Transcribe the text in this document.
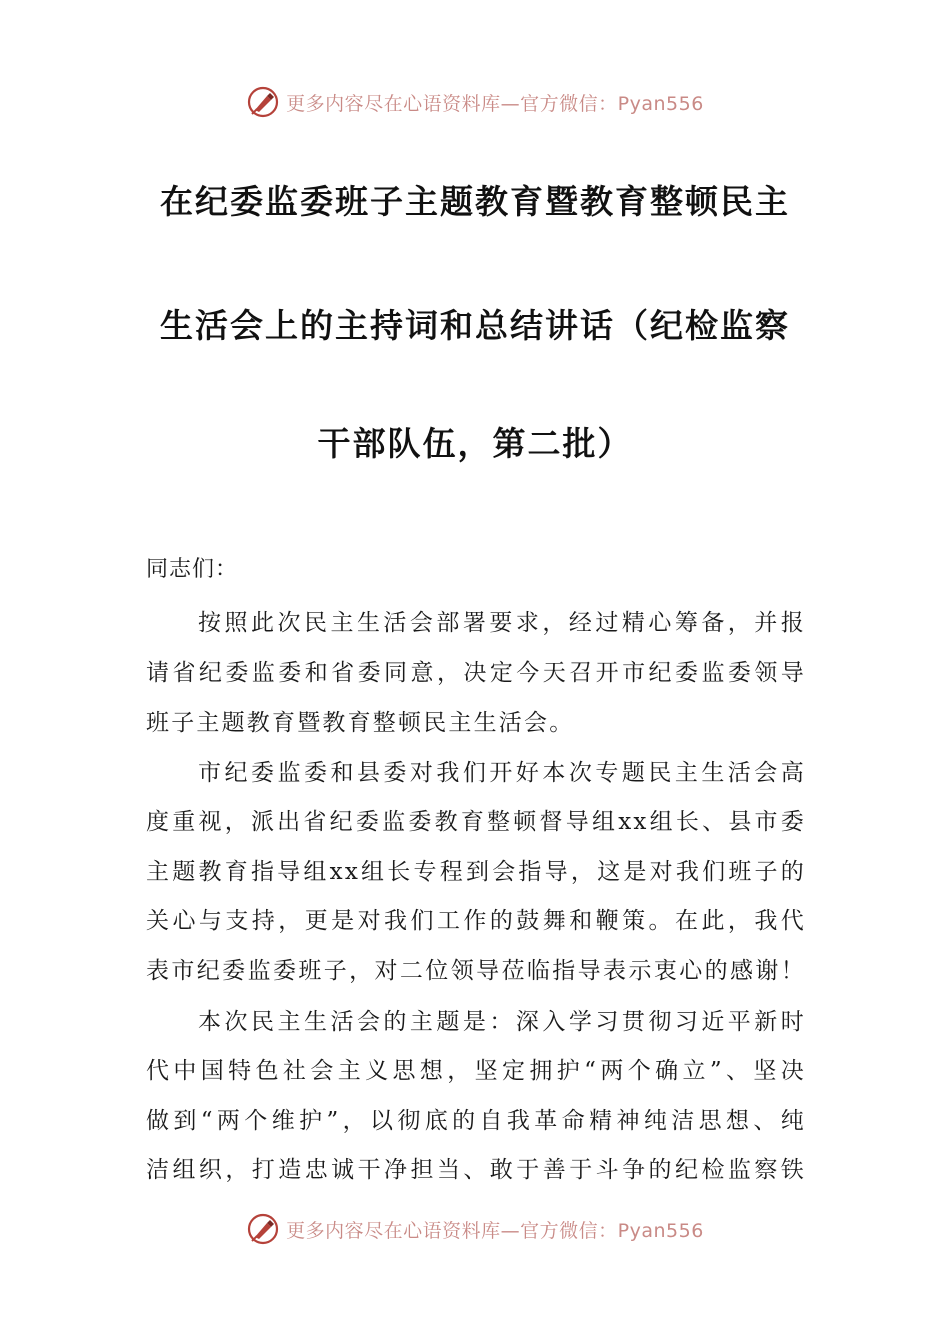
更多内容尽在心语资料库—官方微信：Pyan556
在纪委监委班子主题教育暨教育整顿民主
生活会上的主持词和总结讲话（纪检监察
干部队伍，第二批）
同志们：
按照此次民主生活会部署要求，经过精心筹备，并报
请省纪委监委和省委同意，决定今天召开市纪委监委领导
班子主题教育暨教育整顿民主生活会。
市纪委监委和县委对我们开好本次专题民主生活会高
度重视，派出省纪委监委教育整顿督导组xx组长、县市委
主题教育指导组xx组长专程到会指导，这是对我们班子的
关心与支持，更是对我们工作的鼓舞和鞭策。在此，我代
表市纪委监委班子，对二位领导莅临指导表示衷心的感谢！
本次民主生活会的主题是：深入学习贯彻习近平新时
代中国特色社会主义思想，坚定拥护“两个确立”、坚决
做到“两个维护”，以彻底的自我革命精神纯洁思想、纯
洁组织，打造忠诚干净担当、敢于善于斗争的纪检监察铁
更多内容尽在心语资料库—官方微信：Pyan556
